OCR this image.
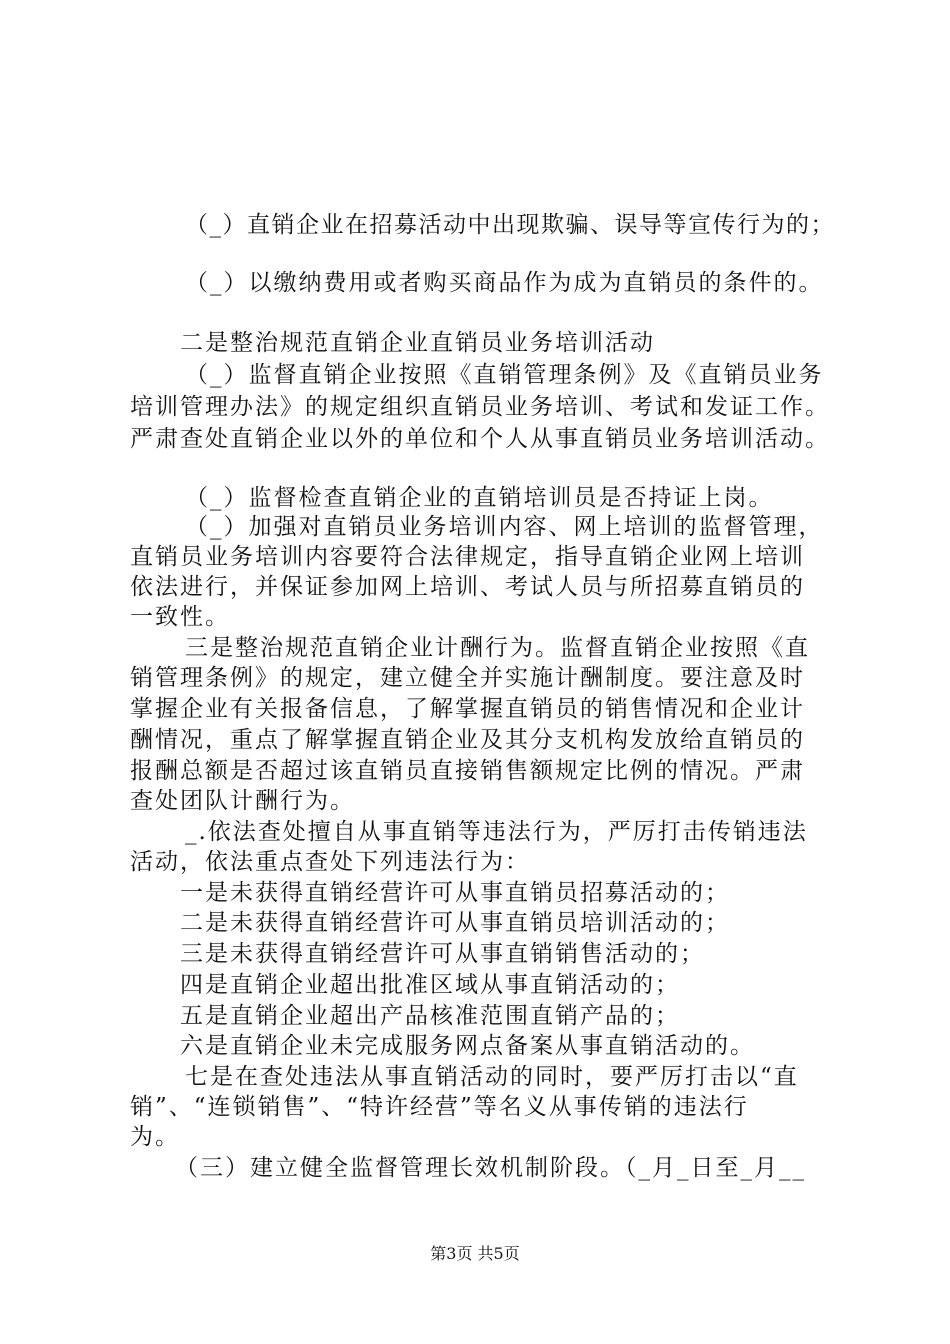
（_）直销企业在招募活动中出现欺骗、误导等宣传行为的；
（_）以缴纳费用或者购买商品作为成为直销员的条件的。
二是整治规范直销企业直销员业务培训活动
（_）监督直销企业按照《直销管理条例》及《直销员业务
培训管理办法》的规定组织直销员业务培训、考试和发证工作。
严肃查处直销企业以外的单位和个人从事直销员业务培训活动。
（_）监督检查直销企业的直销培训员是否持证上岗。
（_）加强对直销员业务培训内容、网上培训的监督管理，
直销员业务培训内容要符合法律规定，指导直销企业网上培训
依法进行，并保证参加网上培训、考试人员与所招募直销员的
一致性。
三是整治规范直销企业计酬行为。监督直销企业按照《直
销管理条例》的规定，建立健全并实施计酬制度。要注意及时
掌握企业有关报备信息，了解掌握直销员的销售情况和企业计
酬情况，重点了解掌握直销企业及其分支机构发放给直销员的
报酬总额是否超过该直销员直接销售额规定比例的情况。严肃
查处团队计酬行为。
_.依法查处擅自从事直销等违法行为，严厉打击传销违法
活动，依法重点查处下列违法行为：
一是未获得直销经营许可从事直销员招募活动的；
二是未获得直销经营许可从事直销员培训活动的；
三是未获得直销经营许可从事直销销售活动的；
四是直销企业超出批准区域从事直销活动的；
五是直销企业超出产品核准范围直销产品的；
六是直销企业未完成服务网点备案从事直销活动的。
七是在查处违法从事直销活动的同时，要严厉打击以“直
销”、“连锁销售”、“特许经营”等名义从事传销的违法行
为。
（三）建立健全监督管理长效机制阶段。（_月_日至_月__
第3页 共5页
